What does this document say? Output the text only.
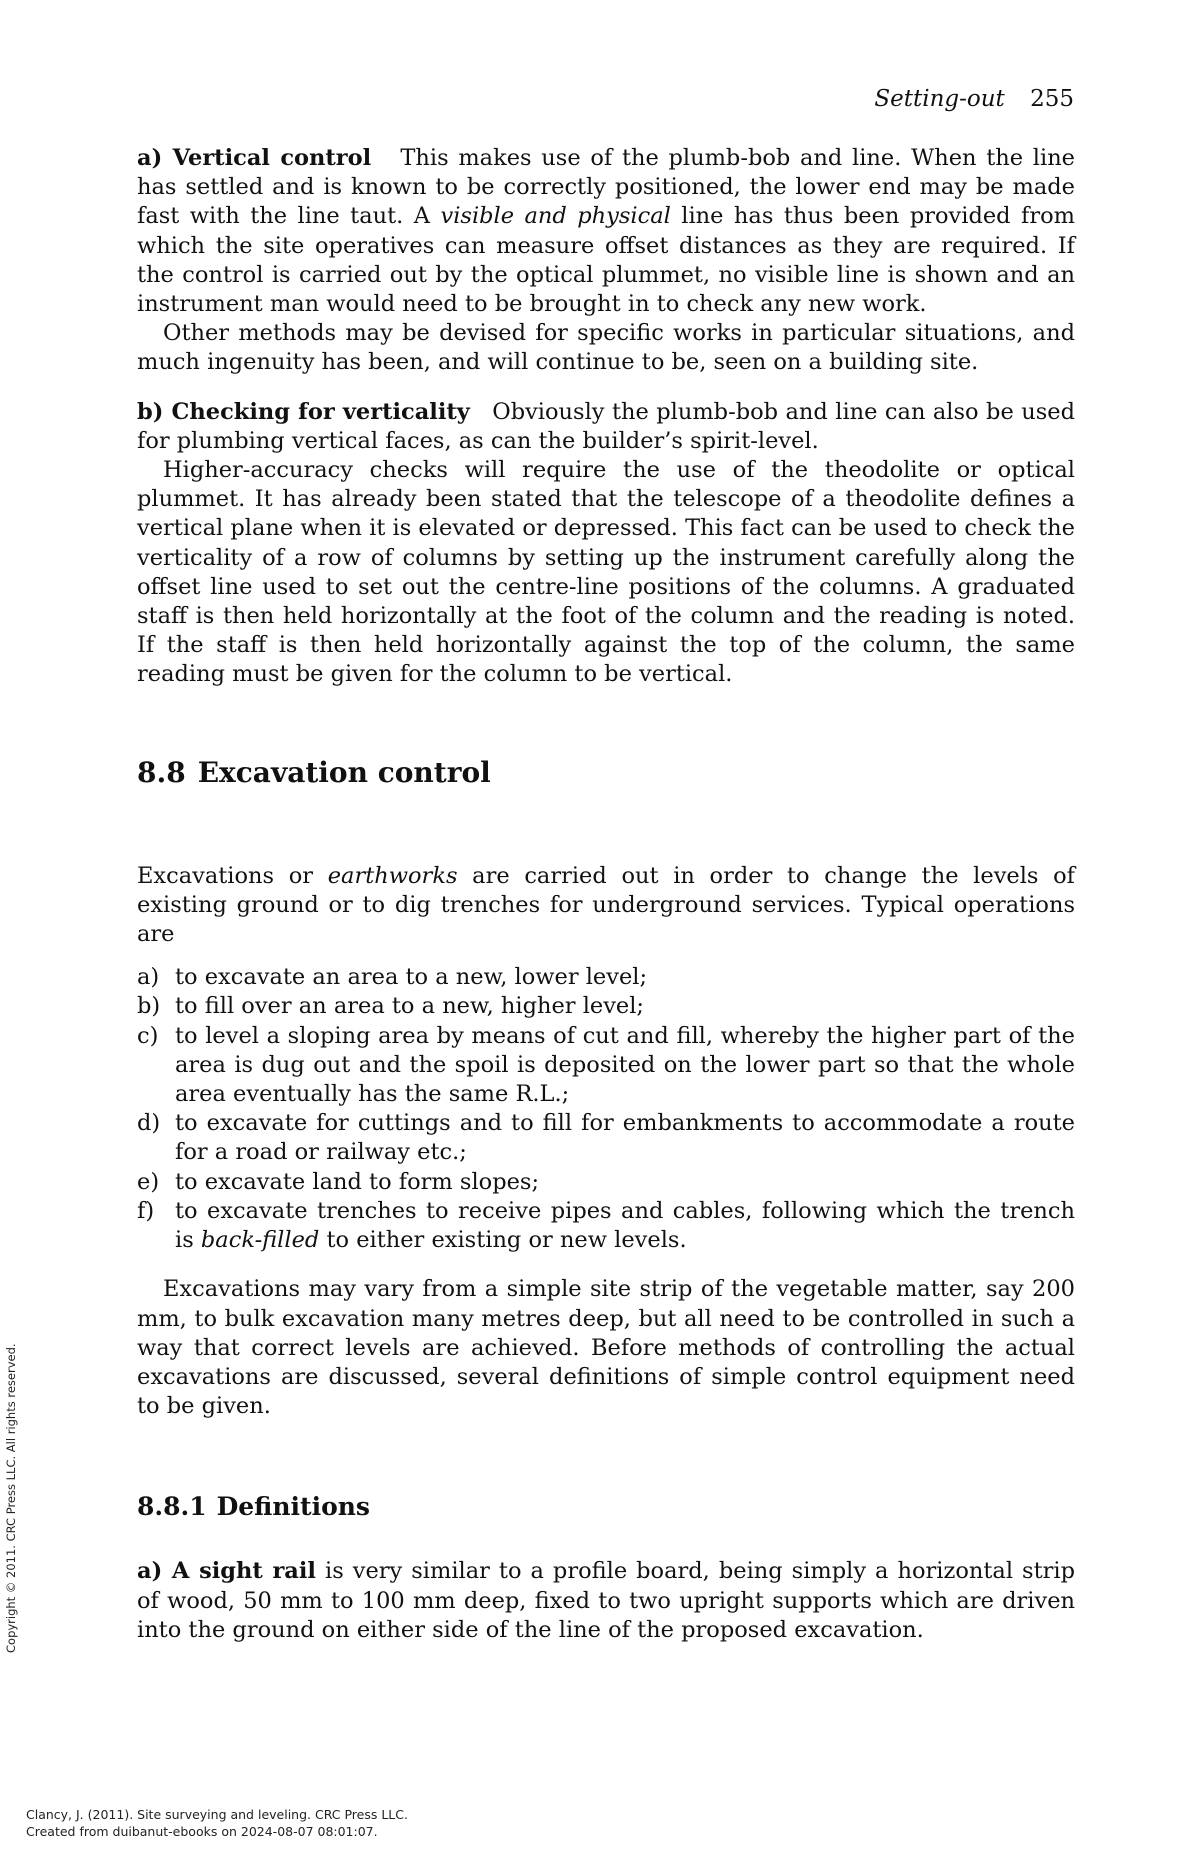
Setting-out 255

a) Vertical control This makes use of the plumb-bob and line. When the line has settled and is known to be correctly positioned, the lower end may be made fast with the line taut. A visible and physical line has thus been provided from which the site operatives can measure offset distances as they are required. If the control is carried out by the optical plummet, no visible line is shown and an instrument man would need to be brought in to check any new work.

Other methods may be devised for specific works in particular situations, and much ingenuity has been, and will continue to be, seen on a building site.

b) Checking for verticality Obviously the plumb-bob and line can also be used for plumbing vertical faces, as can the builder’s spirit-level.

Higher-accuracy checks will require the use of the theodolite or optical plummet. It has already been stated that the telescope of a theodolite defines a vertical plane when it is elevated or depressed. This fact can be used to check the verticality of a row of columns by setting up the instrument carefully along the offset line used to set out the centre-line positions of the columns. A graduated staff is then held horizontally at the foot of the column and the reading is noted. If the staff is then held horizontally against the top of the column, the same reading must be given for the column to be vertical.

8.8 Excavation control

Excavations or earthworks are carried out in order to change the levels of existing ground or to dig trenches for underground services. Typical operations are

a) to excavate an area to a new, lower level;
b) to fill over an area to a new, higher level;
c) to level a sloping area by means of cut and fill, whereby the higher part of the area is dug out and the spoil is deposited on the lower part so that the whole area eventually has the same R.L.;
d) to excavate for cuttings and to fill for embankments to accommodate a route for a road or railway etc.;
e) to excavate land to form slopes;
f) to excavate trenches to receive pipes and cables, following which the trench is back-filled to either existing or new levels.

Excavations may vary from a simple site strip of the vegetable matter, say 200 mm, to bulk excavation many metres deep, but all need to be controlled in such a way that correct levels are achieved. Before methods of controlling the actual excavations are discussed, several definitions of simple control equipment need to be given.

8.8.1 Definitions

a) A sight rail is very similar to a profile board, being simply a horizontal strip of wood, 50 mm to 100 mm deep, fixed to two upright supports which are driven into the ground on either side of the line of the proposed excavation.

Copyright © 2011. CRC Press LLC. All rights reserved.
Clancy, J. (2011). Site surveying and leveling. CRC Press LLC.
Created from duibanut-ebooks on 2024-08-07 08:01:07.
